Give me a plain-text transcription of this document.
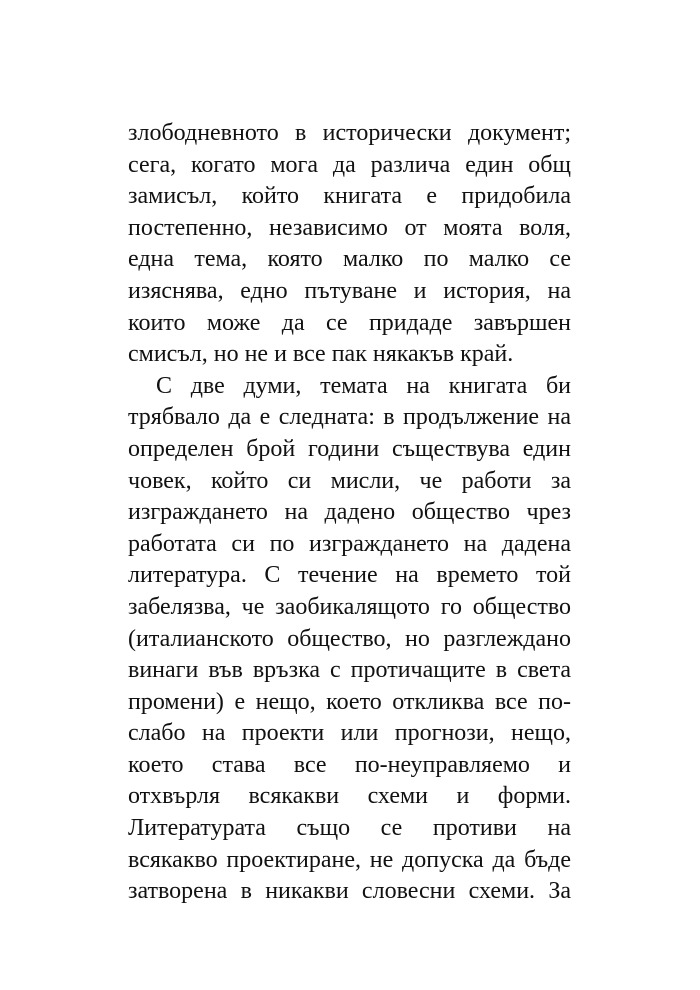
злободневното в исторически документ;
сега, когато мога да различа един общ
замисъл, който книгата е придобила
постепенно, независимо от моята воля,
една тема, която малко по малко се
изяснява, едно пътуване и история, на
които може да се придаде завършен
смисъл, но не и все пак някакъв край.
С две думи, темата на книгата би
трябвало да е следната: в продължение на
определен брой години съществува един
човек, който си мисли, че работи за
изграждането на дадено общество чрез
работата си по изграждането на дадена
литература. С течение на времето той
забелязва, че заобикалящото го общество
(италианското общество, но разглеждано
винаги във връзка с протичащите в света
промени) е нещо, което откликва все по-
слабо на проекти или прогнози, нещо,
което става все по-неуправляемо и
отхвърля всякакви схеми и форми.
Литературата също се противи на
всякакво проектиране, не допуска да бъде
затворена в никакви словесни схеми. За
